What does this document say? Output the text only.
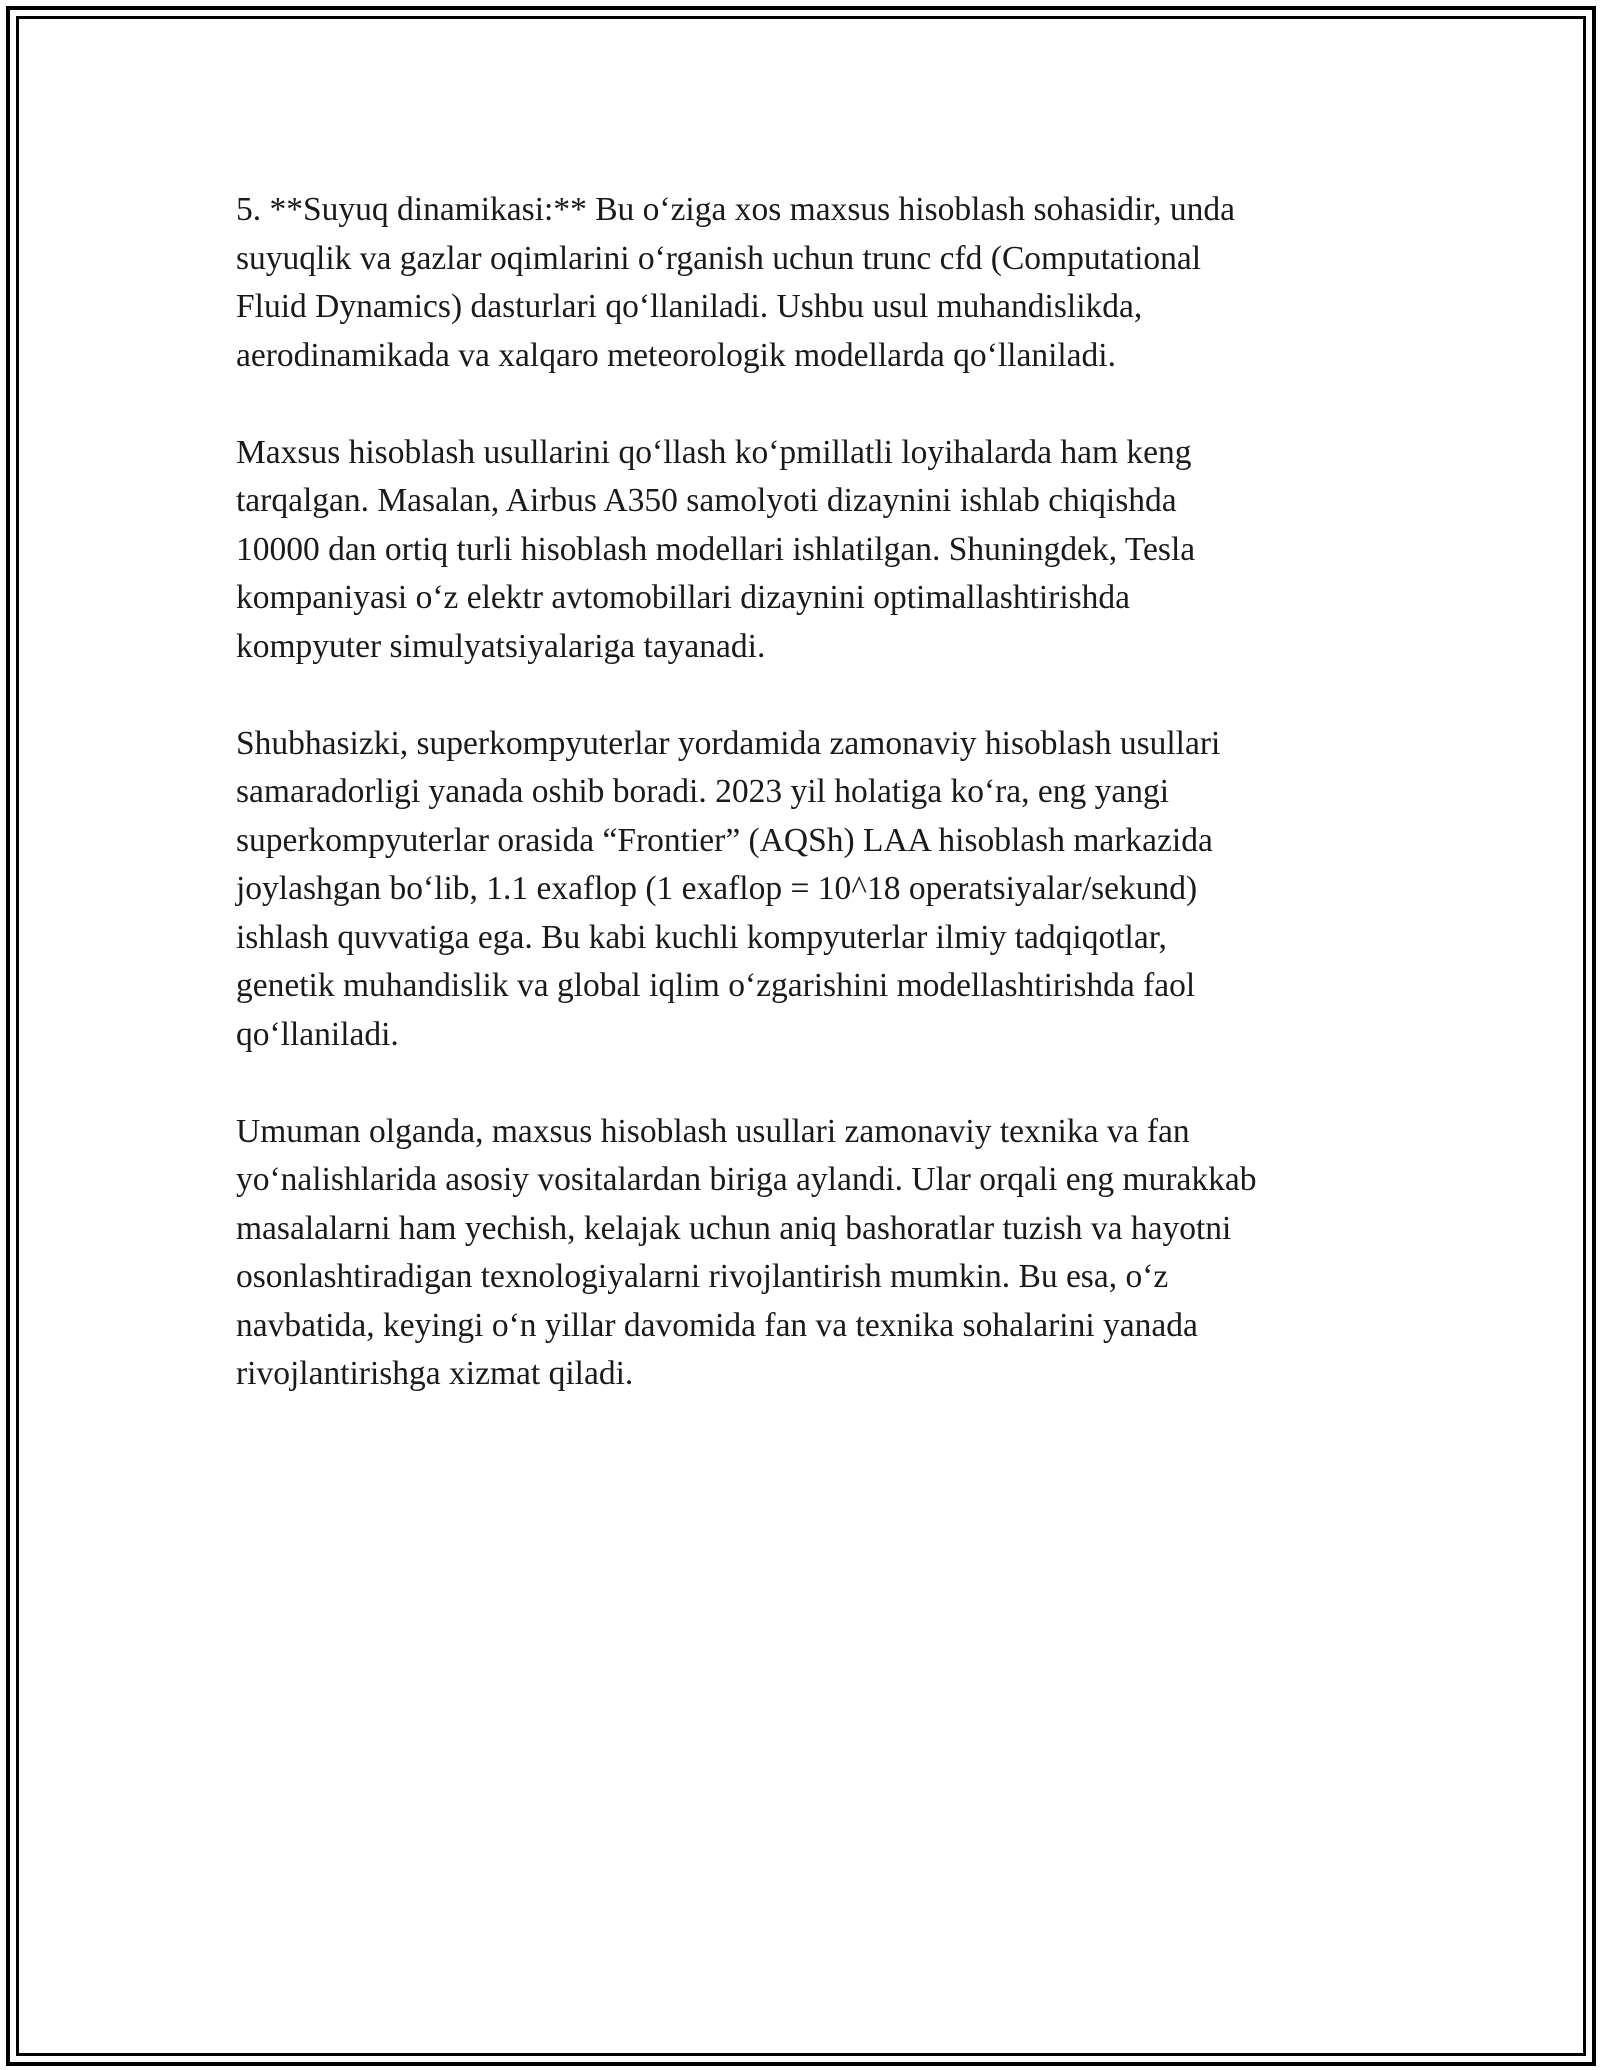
5. **Suyuq dinamikasi:** Bu o‘ziga xos maxsus hisoblash sohasidir, unda
suyuqlik va gazlar oqimlarini o‘rganish uchun trunc cfd (Computational
Fluid Dynamics) dasturlari qo‘llaniladi. Ushbu usul muhandislikda,
aerodinamikada va xalqaro meteorologik modellarda qo‘llaniladi.

Maxsus hisoblash usullarini qo‘llash ko‘pmillatli loyihalarda ham keng
tarqalgan. Masalan, Airbus A350 samolyoti dizaynini ishlab chiqishda
10000 dan ortiq turli hisoblash modellari ishlatilgan. Shuningdek, Tesla
kompaniyasi o‘z elektr avtomobillari dizaynini optimallashtirishda
kompyuter simulyatsiyalariga tayanadi.

Shubhasizki, superkompyuterlar yordamida zamonaviy hisoblash usullari
samaradorligi yanada oshib boradi. 2023 yil holatiga ko‘ra, eng yangi
superkompyuterlar orasida “Frontier” (AQSh) LAA hisoblash markazida
joylashgan bo‘lib, 1.1 exaflop (1 exaflop = 10^18 operatsiyalar/sekund)
ishlash quvvatiga ega. Bu kabi kuchli kompyuterlar ilmiy tadqiqotlar,
genetik muhandislik va global iqlim o‘zgarishini modellashtirishda faol
qo‘llaniladi.

Umuman olganda, maxsus hisoblash usullari zamonaviy texnika va fan
yo‘nalishlarida asosiy vositalardan biriga aylandi. Ular orqali eng murakkab
masalalarni ham yechish, kelajak uchun aniq bashoratlar tuzish va hayotni
osonlashtiradigan texnologiyalarni rivojlantirish mumkin. Bu esa, o‘z
navbatida, keyingi o‘n yillar davomida fan va texnika sohalarini yanada
rivojlantirishga xizmat qiladi.
